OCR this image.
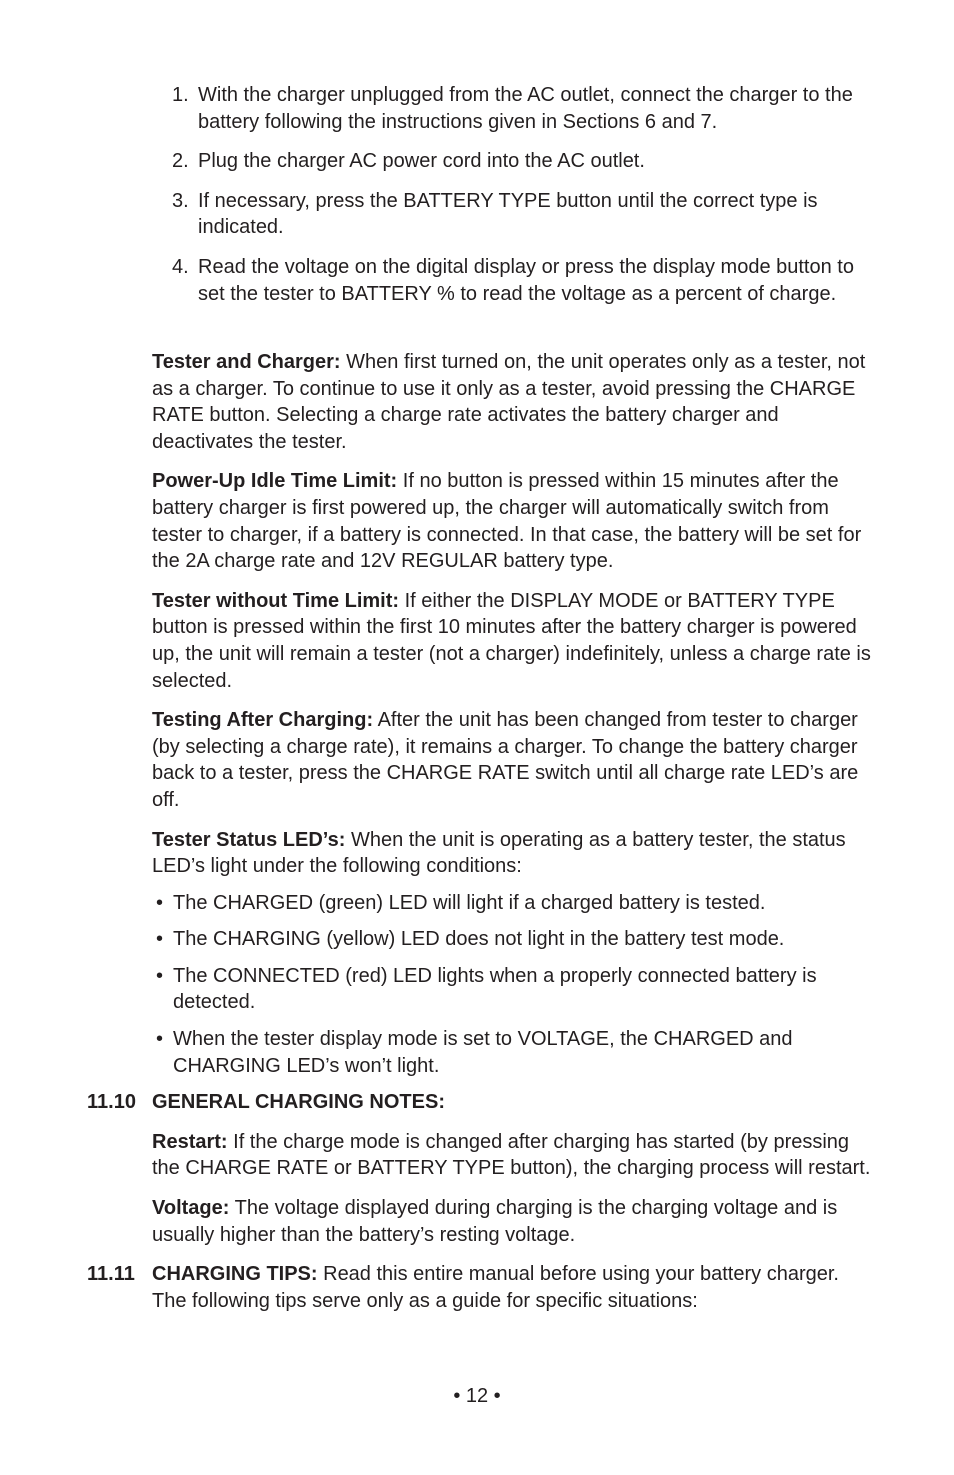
1. With the charger unplugged from the AC outlet, connect the charger to the battery following the instructions given in Sections 6 and 7.
2. Plug the charger AC power cord into the AC outlet.
3. If necessary, press the BATTERY TYPE button until the correct type is indicated.
4. Read the voltage on the digital display or press the display mode button to set the tester to BATTERY % to read the voltage as a percent of charge.

Tester and Charger: When first turned on, the unit operates only as a tester, not as a charger. To continue to use it only as a tester, avoid pressing the CHARGE RATE button. Selecting a charge rate activates the battery charger and deactivates the tester.

Power-Up Idle Time Limit: If no button is pressed within 15 minutes after the battery charger is first powered up, the charger will automatically switch from tester to charger, if a battery is connected. In that case, the battery will be set for the 2A charge rate and 12V REGULAR battery type.

Tester without Time Limit: If either the DISPLAY MODE or BATTERY TYPE button is pressed within the first 10 minutes after the battery charger is powered up, the unit will remain a tester (not a charger) indefinitely, unless a charge rate is selected.

Testing After Charging: After the unit has been changed from tester to charger (by selecting a charge rate), it remains a charger. To change the battery charger back to a tester, press the CHARGE RATE switch until all charge rate LED’s are off.

Tester Status LED’s: When the unit is operating as a battery tester, the status LED’s light under the following conditions:

• The CHARGED (green) LED will light if a charged battery is tested.
• The CHARGING (yellow) LED does not light in the battery test mode.
• The CONNECTED (red) LED lights when a properly connected battery is detected.
• When the tester display mode is set to VOLTAGE, the CHARGED and CHARGING LED’s won’t light.
11.10 GENERAL CHARGING NOTES:

Restart: If the charge mode is changed after charging has started (by pressing the CHARGE RATE or BATTERY TYPE button), the charging process will restart.

Voltage: The voltage displayed during charging is the charging voltage and is usually higher than the battery’s resting voltage.

11.11 CHARGING TIPS: Read this entire manual before using your battery charger. The following tips serve only as a guide for specific situations:
• 12 •
